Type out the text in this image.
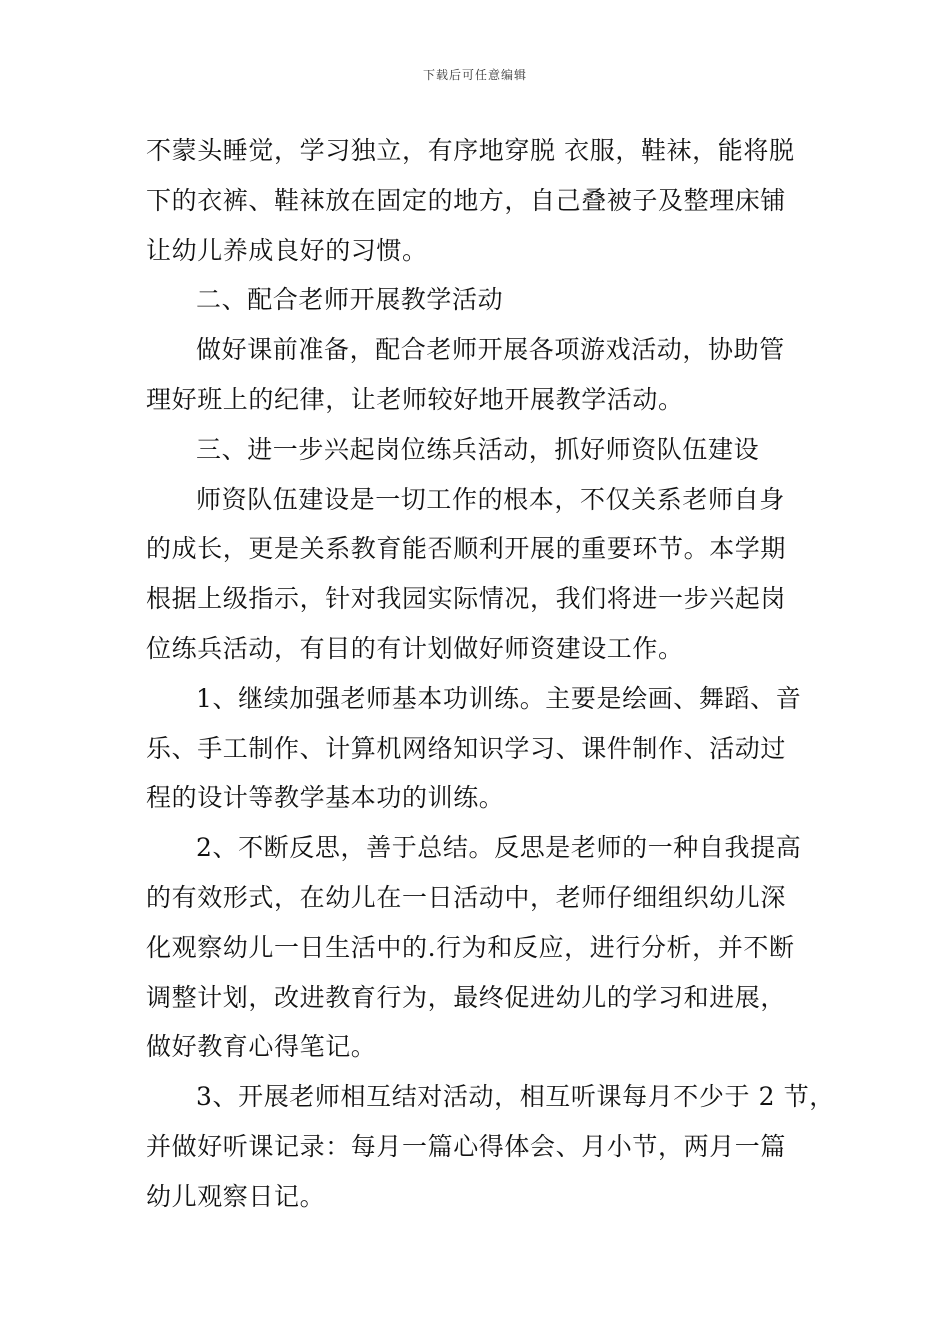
下载后可任意编辑

不蒙头睡觉，学习独立，有序地穿脱 衣服，鞋袜，能将脱
下的衣裤、鞋袜放在固定的地方，自己叠被子及整理床铺
让幼儿养成良好的习惯。

二、配合老师开展教学活动

做好课前准备，配合老师开展各项游戏活动，协助管
理好班上的纪律，让老师较好地开展教学活动。

三、进一步兴起岗位练兵活动，抓好师资队伍建设

师资队伍建设是一切工作的根本，不仅关系老师自身
的成长，更是关系教育能否顺利开展的重要环节。本学期
根据上级指示，针对我园实际情况，我们将进一步兴起岗
位练兵活动，有目的有计划做好师资建设工作。

1、继续加强老师基本功训练。主要是绘画、舞蹈、音
乐、手工制作、计算机网络知识学习、课件制作、活动过
程的设计等教学基本功的训练。

2、不断反思，善于总结。反思是老师的一种自我提高
的有效形式，在幼儿在一日活动中，老师仔细组织幼儿深
化观察幼儿一日生活中的.行为和反应，进行分析，并不断
调整计划，改进教育行为，最终促进幼儿的学习和进展，
做好教育心得笔记。

3、开展老师相互结对活动，相互听课每月不少于 2 节，
并做好听课记录：每月一篇心得体会、月小节，两月一篇
幼儿观察日记。
